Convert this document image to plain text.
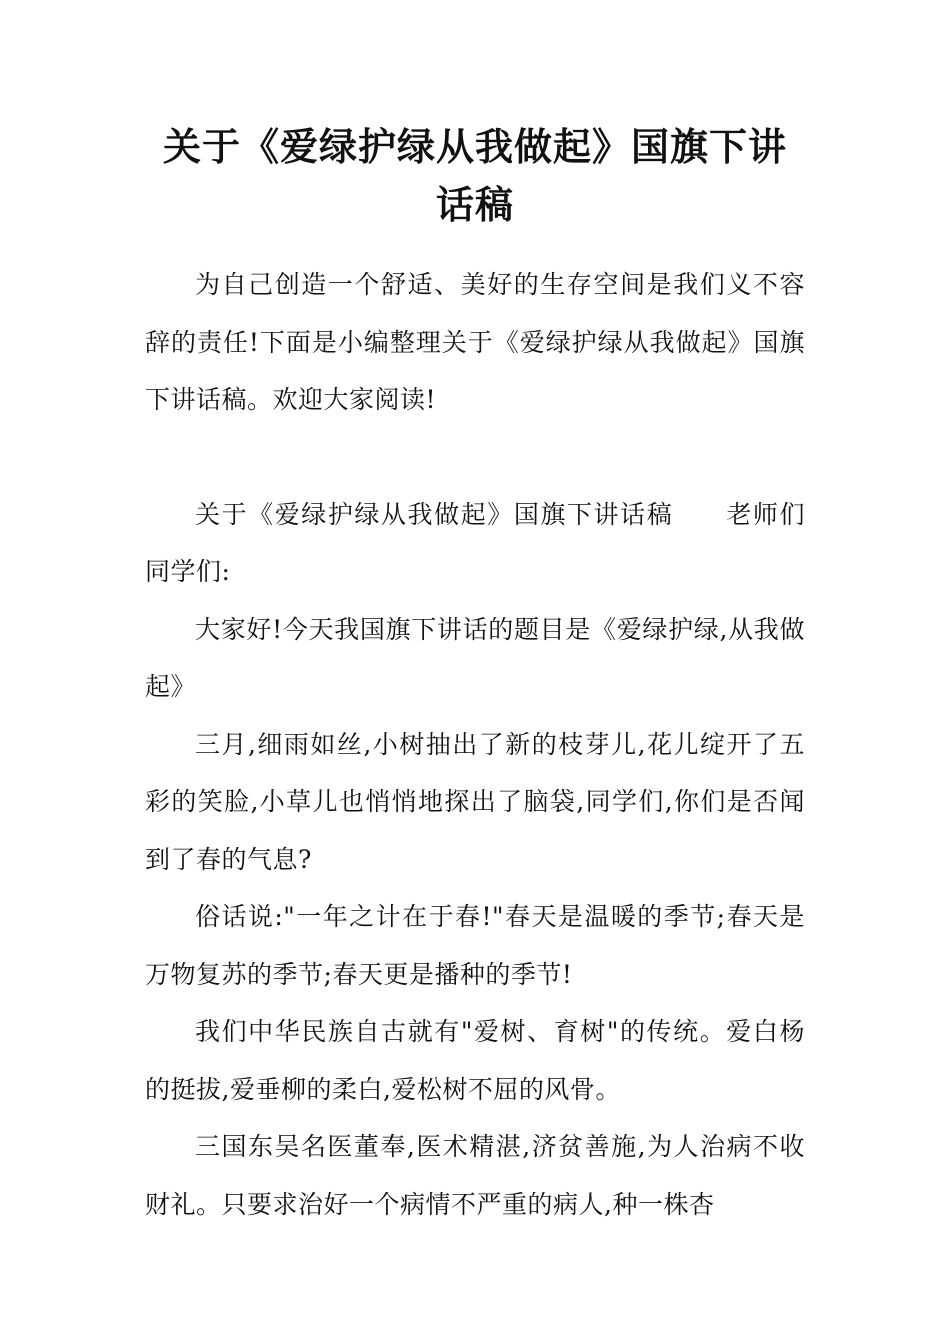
关于《爱绿护绿从我做起》国旗下讲话稿

为自己创造一个舒适、美好的生存空间是我们义不容辞的责任!下面是小编整理关于《爱绿护绿从我做起》国旗下讲话稿。欢迎大家阅读!

关于《爱绿护绿从我做起》国旗下讲话稿 老师们同学们:

大家好!今天我国旗下讲话的题目是《爱绿护绿,从我做起》

三月,细雨如丝,小树抽出了新的枝芽儿,花儿绽开了五彩的笑脸,小草儿也悄悄地探出了脑袋,同学们,你们是否闻到了春的气息?

俗话说:"一年之计在于春!"春天是温暖的季节;春天是万物复苏的季节;春天更是播种的季节!

我们中华民族自古就有"爱树、育树"的传统。爱白杨的挺拔,爱垂柳的柔白,爱松树不屈的风骨。

三国东吴名医董奉,医术精湛,济贫善施,为人治病不收财礼。只要求治好一个病情不严重的病人,种一株杏
